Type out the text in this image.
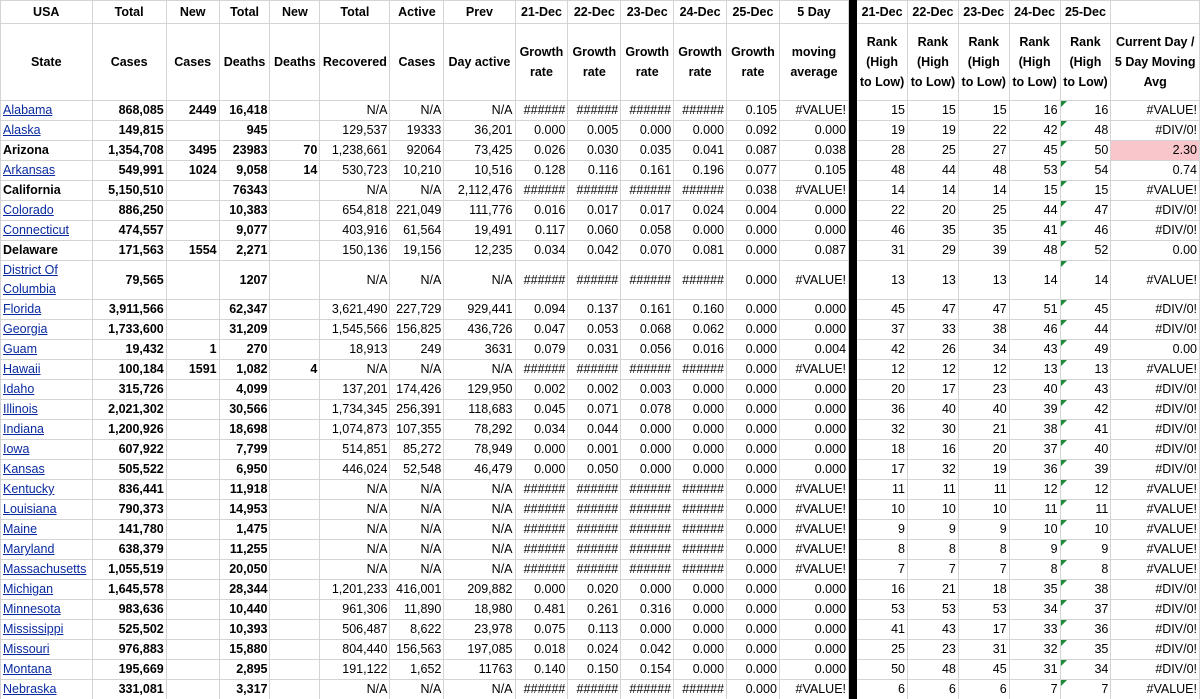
USA	Total	New	Total	New	Total	Active	Prev	21-Dec	22-Dec	23-Dec	24-Dec	25-Dec	5 Day		21-Dec	22-Dec	23-Dec	24-Dec	25-Dec	
State	Cases	Cases	Deaths	Deaths	Recovered	Cases	Day active	Growth rate	Growth rate	Growth rate	Growth rate	Growth rate	moving average		Rank (High to Low)	Rank (High to Low)	Rank (High to Low)	Rank (High to Low)	Rank (High to Low)	Current Day / 5 Day Moving Avg
Alabama	868,085	2449	16,418		N/A	N/A	N/A	######	######	######	######	0.105	#VALUE!		15	15	15	16	16	#VALUE!
Alaska	149,815		945		129,537	19333	36,201	0.000	0.005	0.000	0.000	0.092	0.000		19	19	22	42	48	#DIV/0!
Arizona	1,354,708	3495	23983	70	1,238,661	92064	73,425	0.026	0.030	0.035	0.041	0.087	0.038		28	25	27	45	50	2.30
Arkansas	549,991	1024	9,058	14	530,723	10,210	10,516	0.128	0.116	0.161	0.196	0.077	0.105		48	44	48	53	54	0.74
California	5,150,510		76343		N/A	N/A	2,112,476	######	######	######	######	0.038	#VALUE!		14	14	14	15	15	#VALUE!
Colorado	886,250		10,383		654,818	221,049	111,776	0.016	0.017	0.017	0.024	0.004	0.000		22	20	25	44	47	#DIV/0!
Connecticut	474,557		9,077		403,916	61,564	19,491	0.117	0.060	0.058	0.000	0.000	0.000		46	35	35	41	46	#DIV/0!
Delaware	171,563	1554	2,271		150,136	19,156	12,235	0.034	0.042	0.070	0.081	0.000	0.087		31	29	39	48	52	0.00
District Of Columbia	79,565		1207		N/A	N/A	N/A	######	######	######	######	0.000	#VALUE!		13	13	13	14	14	#VALUE!
Florida	3,911,566		62,347		3,621,490	227,729	929,441	0.094	0.137	0.161	0.160	0.000	0.000		45	47	47	51	45	#DIV/0!
Georgia	1,733,600		31,209		1,545,566	156,825	436,726	0.047	0.053	0.068	0.062	0.000	0.000		37	33	38	46	44	#DIV/0!
Guam	19,432	1	270		18,913	249	3631	0.079	0.031	0.056	0.016	0.000	0.004		42	26	34	43	49	0.00
Hawaii	100,184	1591	1,082	4	N/A	N/A	N/A	######	######	######	######	0.000	#VALUE!		12	12	12	13	13	#VALUE!
Idaho	315,726		4,099		137,201	174,426	129,950	0.002	0.002	0.003	0.000	0.000	0.000		20	17	23	40	43	#DIV/0!
Illinois	2,021,302		30,566		1,734,345	256,391	118,683	0.045	0.071	0.078	0.000	0.000	0.000		36	40	40	39	42	#DIV/0!
Indiana	1,200,926		18,698		1,074,873	107,355	78,292	0.034	0.044	0.000	0.000	0.000	0.000		32	30	21	38	41	#DIV/0!
Iowa	607,922		7,799		514,851	85,272	78,949	0.000	0.001	0.000	0.000	0.000	0.000		18	16	20	37	40	#DIV/0!
Kansas	505,522		6,950		446,024	52,548	46,479	0.000	0.050	0.000	0.000	0.000	0.000		17	32	19	36	39	#DIV/0!
Kentucky	836,441		11,918		N/A	N/A	N/A	######	######	######	######	0.000	#VALUE!		11	11	11	12	12	#VALUE!
Louisiana	790,373		14,953		N/A	N/A	N/A	######	######	######	######	0.000	#VALUE!		10	10	10	11	11	#VALUE!
Maine	141,780		1,475		N/A	N/A	N/A	######	######	######	######	0.000	#VALUE!		9	9	9	10	10	#VALUE!
Maryland	638,379		11,255		N/A	N/A	N/A	######	######	######	######	0.000	#VALUE!		8	8	8	9	9	#VALUE!
Massachusetts	1,055,519		20,050		N/A	N/A	N/A	######	######	######	######	0.000	#VALUE!		7	7	7	8	8	#VALUE!
Michigan	1,645,578		28,344		1,201,233	416,001	209,882	0.000	0.020	0.000	0.000	0.000	0.000		16	21	18	35	38	#DIV/0!
Minnesota	983,636		10,440		961,306	11,890	18,980	0.481	0.261	0.316	0.000	0.000	0.000		53	53	53	34	37	#DIV/0!
Mississippi	525,502		10,393		506,487	8,622	23,978	0.075	0.113	0.000	0.000	0.000	0.000		41	43	17	33	36	#DIV/0!
Missouri	976,883		15,880		804,440	156,563	197,085	0.018	0.024	0.042	0.000	0.000	0.000		25	23	31	32	35	#DIV/0!
Montana	195,669		2,895		191,122	1,652	11763	0.140	0.150	0.154	0.000	0.000	0.000		50	48	45	31	34	#DIV/0!
Nebraska	331,081		3,317		N/A	N/A	N/A	######	######	######	######	0.000	#VALUE!		6	6	6	7	7	#VALUE!
